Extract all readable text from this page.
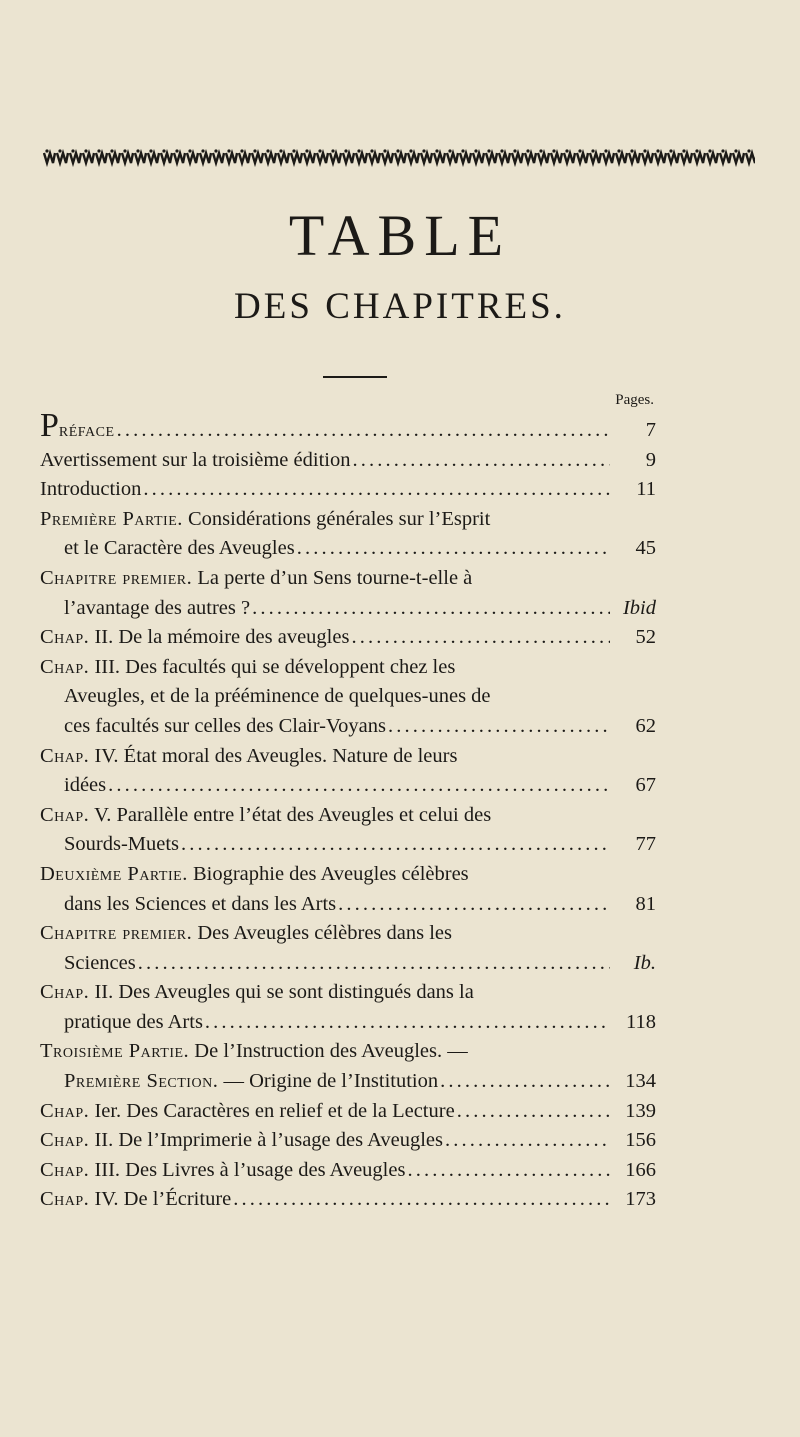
TABLE
DES CHAPITRES.
Pages.
Préface . . .	7
Avertissement sur la troisième édition . . .	9
Introduction . . .	11
Première Partie. Considérations générales sur l’Esprit
et le Caractère des Aveugles . . .	45
Chapitre premier. La perte d’un Sens tourne-t-elle à
l’avantage des autres ? . . .	Ibid
Chap. II. De la mémoire des aveugles . . .	52
Chap. III. Des facultés qui se développent chez les
Aveugles, et de la prééminence de quelques-unes de
ces facultés sur celles des Clair-Voyans . . .	62
Chap. IV. État moral des Aveugles. Nature de leurs
idées . . .	67
Chap. V. Parallèle entre l’état des Aveugles et celui des
Sourds-Muets . . .	77
Deuxième Partie. Biographie des Aveugles célèbres
dans les Sciences et dans les Arts . . .	81
Chapitre premier. Des Aveugles célèbres dans les
Sciences . . .	Ib.
Chap. II. Des Aveugles qui se sont distingués dans la
pratique des Arts . . .	118
Troisième Partie. De l’Instruction des Aveugles. —
Première Section. — Origine de l’Institution . . .	134
Chap. Ier. Des Caractères en relief et de la Lecture . . .	139
Chap. II. De l’Imprimerie à l’usage des Aveugles . . .	156
Chap. III. Des Livres à l’usage des Aveugles . . .	166
Chap. IV. De l’Écriture . . .	173
